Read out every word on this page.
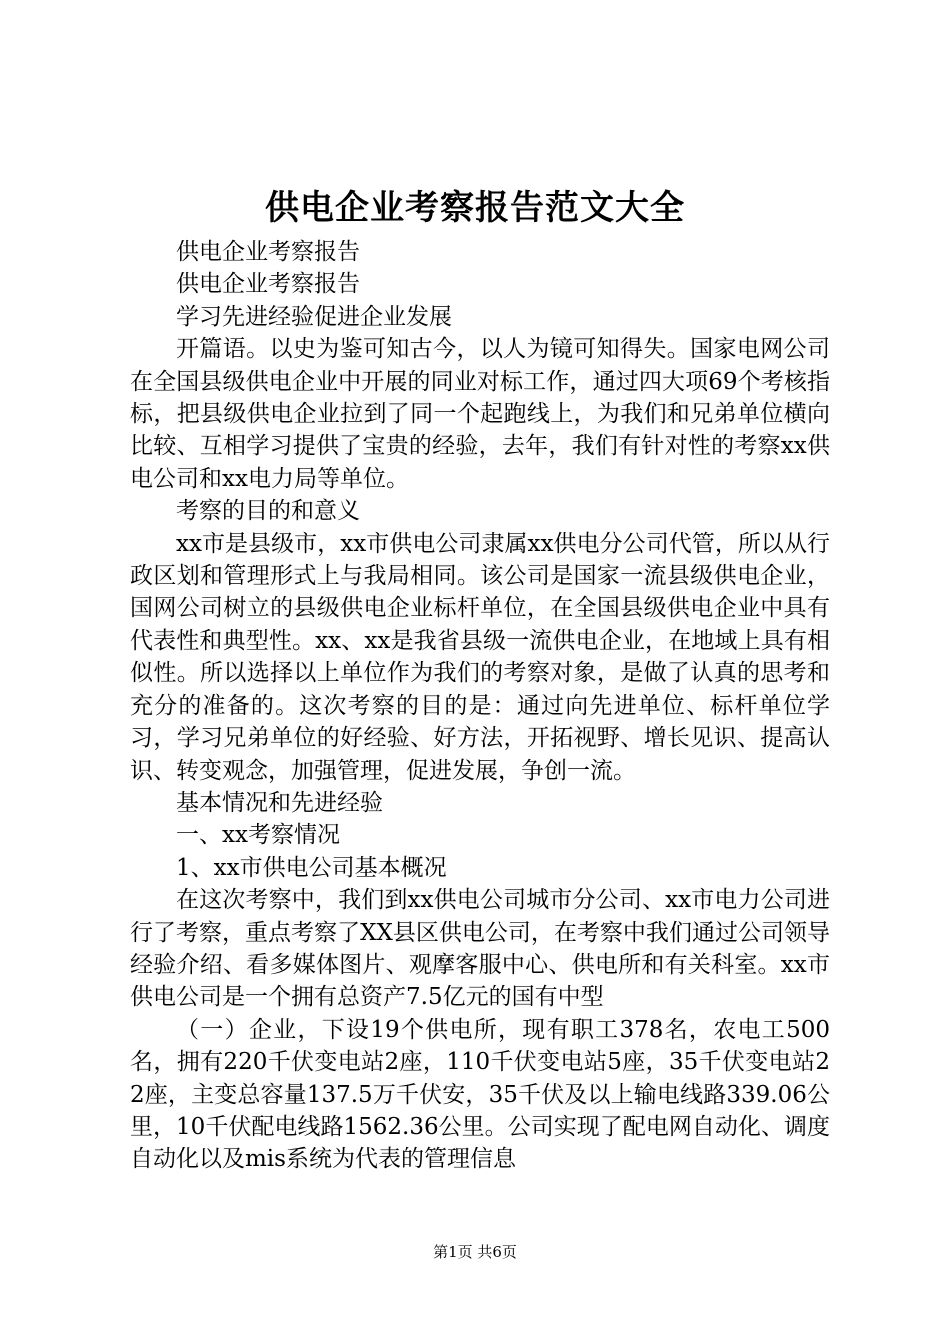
供电企业考察报告范文大全

供电企业考察报告

供电企业考察报告

学习先进经验促进企业发展

开篇语。以史为鉴可知古今，以人为镜可知得失。国家电网公司在全国县级供电企业中开展的同业对标工作，通过四大项69个考核指标，把县级供电企业拉到了同一个起跑线上，为我们和兄弟单位横向比较、互相学习提供了宝贵的经验，去年，我们有针对性的考察xx供电公司和xx电力局等单位。

考察的目的和意义

xx市是县级市，xx市供电公司隶属xx供电分公司代管，所以从行政区划和管理形式上与我局相同。该公司是国家一流县级供电企业，国网公司树立的县级供电企业标杆单位，在全国县级供电企业中具有代表性和典型性。xx、xx是我省县级一流供电企业，在地域上具有相似性。所以选择以上单位作为我们的考察对象，是做了认真的思考和充分的准备的。这次考察的目的是：通过向先进单位、标杆单位学习，学习兄弟单位的好经验、好方法，开拓视野、增长见识、提高认识、转变观念，加强管理，促进发展，争创一流。

基本情况和先进经验

一、xx考察情况

1、xx市供电公司基本概况

在这次考察中，我们到xx供电公司城市分公司、xx市电力公司进行了考察，重点考察了XX县区供电公司，在考察中我们通过公司领导经验介绍、看多媒体图片、观摩客服中心、供电所和有关科室。xx市供电公司是一个拥有总资产7.5亿元的国有中型

（一）企业，下设19个供电所，现有职工378名，农电工500名，拥有220千伏变电站2座，110千伏变电站5座，35千伏变电站22座，主变总容量137.5万千伏安，35千伏及以上输电线路339.06公里，10千伏配电线路1562.36公里。公司实现了配电网自动化、调度自动化以及mis系统为代表的管理信息

第1页 共6页
